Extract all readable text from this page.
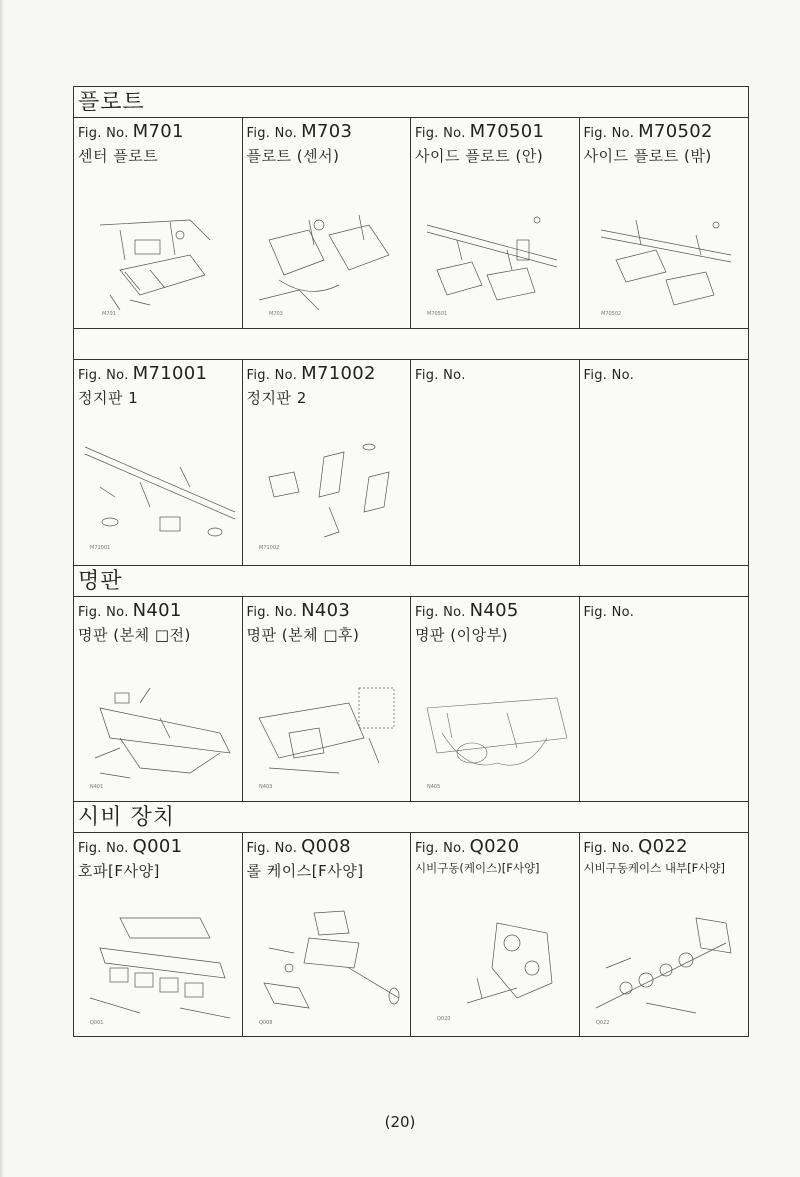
플로트
Fig. No. M701
센터 플로트
M701
Fig. No. M703
플로트 (센서)
M703
Fig. No. M70501
사이드 플로트 (안)
M70501
Fig. No. M70502
사이드 플로트 (밖)
M70502
Fig. No. M71001
정지판 1
M71001
Fig. No. M71002
정지판 2
M71002
Fig. No.	Fig. No.
명판
Fig. No. N401
명판 (본체 □전)
N401
Fig. No. N403
명판 (본체 □후)
N403
Fig. No. N405
명판 (이앙부)
N405
Fig. No.
시비 장치
Fig. No. Q001
호파[F사양]
Q001
Fig. No. Q008
롤 케이스[F사양]
Q008
Fig. No. Q020
시비구동(케이스)[F사양]
Q020
Fig. No. Q022
시비구동케이스 내부[F사양]
Q022
(20)
